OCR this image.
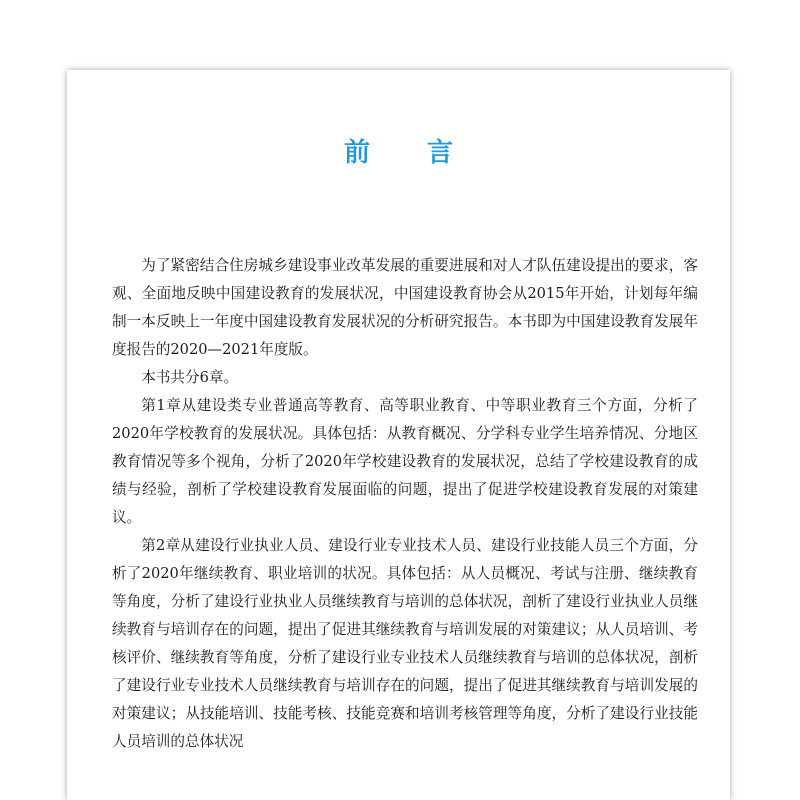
前 言

为了紧密结合住房城乡建设事业改革发展的重要进展和对人才队伍建设提出的要求，客观、全面地反映中国建设教育的发展状况，中国建设教育协会从2015年开始，计划每年编制一本反映上一年度中国建设教育发展状况的分析研究报告。本书即为中国建设教育发展年度报告的2020—2021年度版。

本书共分6章。

第1章从建设类专业普通高等教育、高等职业教育、中等职业教育三个方面，分析了2020年学校教育的发展状况。具体包括：从教育概况、分学科专业学生培养情况、分地区教育情况等多个视角，分析了2020年学校建设教育的发展状况，总结了学校建设教育的成绩与经验，剖析了学校建设教育发展面临的问题，提出了促进学校建设教育发展的对策建议。

第2章从建设行业执业人员、建设行业专业技术人员、建设行业技能人员三个方面，分析了2020年继续教育、职业培训的状况。具体包括：从人员概况、考试与注册、继续教育等角度，分析了建设行业执业人员继续教育与培训的总体状况，剖析了建设行业执业人员继续教育与培训存在的问题，提出了促进其继续教育与培训发展的对策建议；从人员培训、考核评价、继续教育等角度，分析了建设行业专业技术人员继续教育与培训的总体状况，剖析了建设行业专业技术人员继续教育与培训存在的问题，提出了促进其继续教育与培训发展的对策建议；从技能培训、技能考核、技能竞赛和培训考核管理等角度，分析了建设行业技能人员培训的总体状况
